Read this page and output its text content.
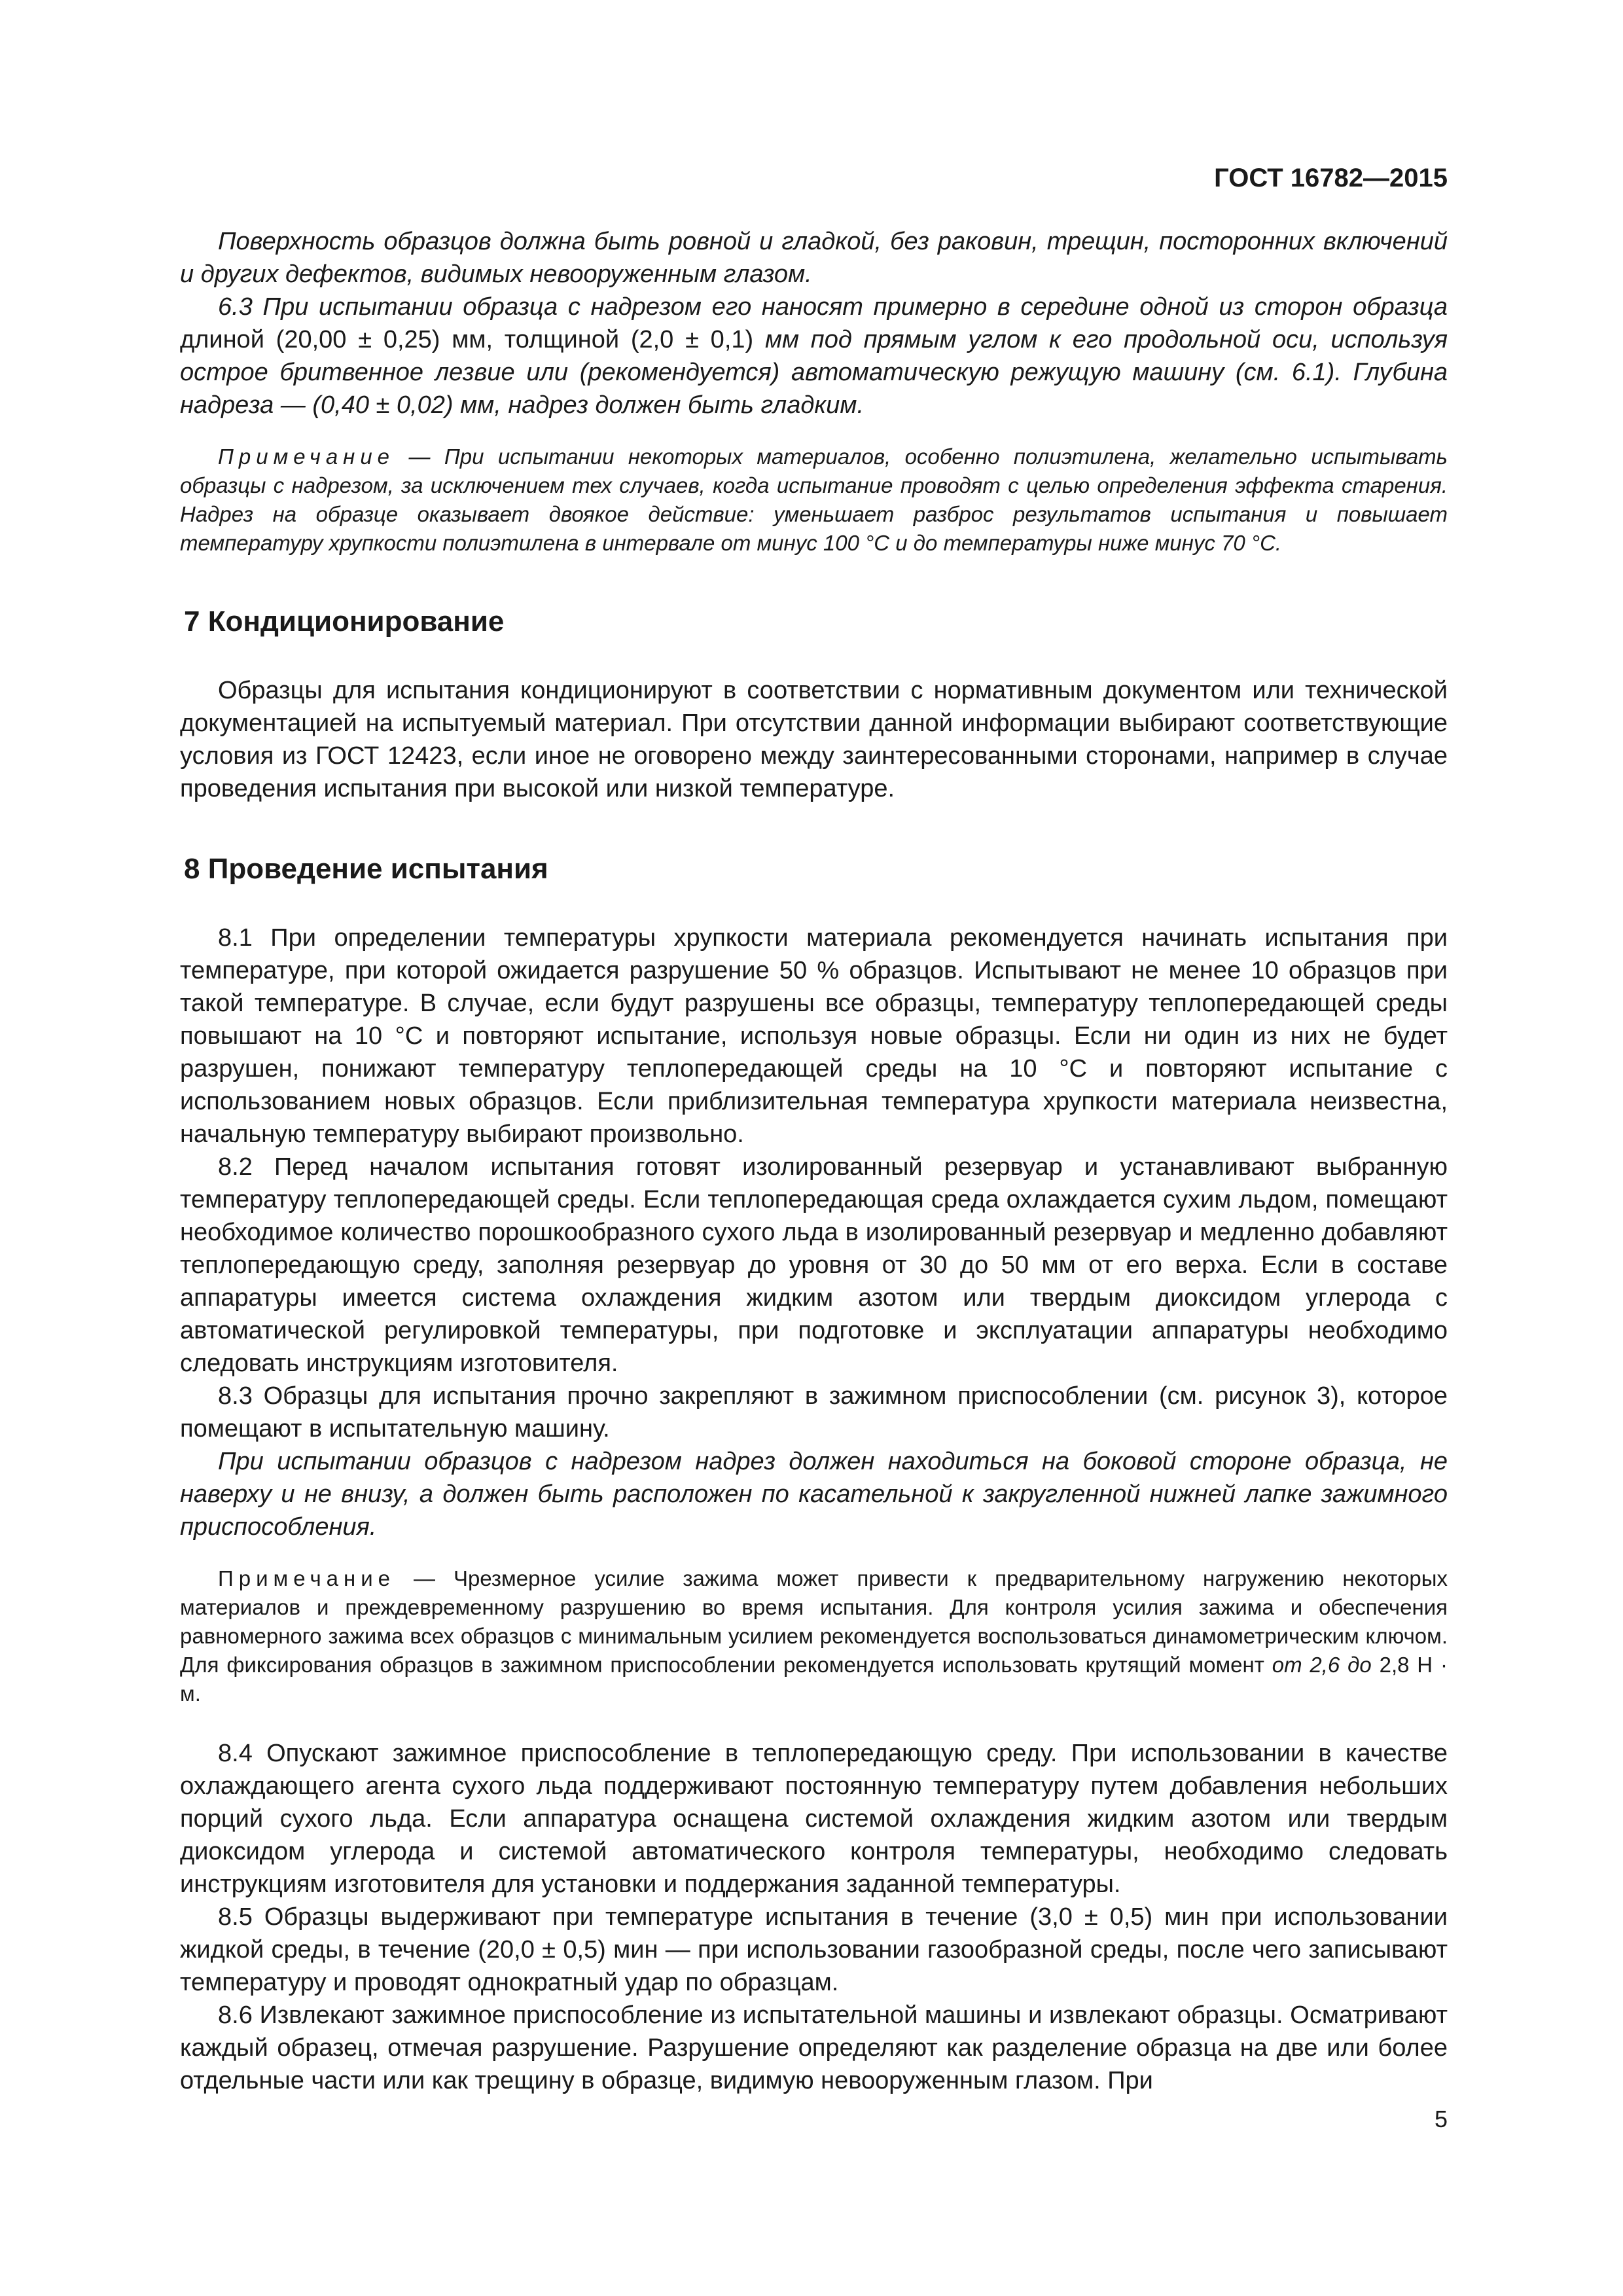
ГОСТ 16782—2015

Поверхность образцов должна быть ровной и гладкой, без раковин, трещин, посторонних включений и других дефектов, видимых невооруженным глазом.

6.3 При испытании образца с надрезом его наносят примерно в середине одной из сторон образца длиной (20,00 ± 0,25) мм, толщиной (2,0 ± 0,1) мм под прямым углом к его продольной оси, используя острое бритвенное лезвие или (рекомендуется) автоматическую режущую машину (см. 6.1). Глубина надреза — (0,40 ± 0,02) мм, надрез должен быть гладким.

Примечание — При испытании некоторых материалов, особенно полиэтилена, желательно испытывать образцы с надрезом, за исключением тех случаев, когда испытание проводят с целью определения эффекта старения. Надрез на образце оказывает двоякое действие: уменьшает разброс результатов испытания и повышает температуру хрупкости полиэтилена в интервале от минус 100 °С и до температуры ниже минус 70 °С.

7 Кондиционирование

Образцы для испытания кондиционируют в соответствии с нормативным документом или технической документацией на испытуемый материал. При отсутствии данной информации выбирают соответствующие условия из ГОСТ 12423, если иное не оговорено между заинтересованными сторонами, например в случае проведения испытания при высокой или низкой температуре.

8 Проведение испытания

8.1 При определении температуры хрупкости материала рекомендуется начинать испытания при температуре, при которой ожидается разрушение 50 % образцов. Испытывают не менее 10 образцов при такой температуре. В случае, если будут разрушены все образцы, температуру теплопередающей среды повышают на 10 °С и повторяют испытание, используя новые образцы. Если ни один из них не будет разрушен, понижают температуру теплопередающей среды на 10 °С и повторяют испытание с использованием новых образцов. Если приблизительная температура хрупкости материала неизвестна, начальную температуру выбирают произвольно.

8.2 Перед началом испытания готовят изолированный резервуар и устанавливают выбранную температуру теплопередающей среды. Если теплопередающая среда охлаждается сухим льдом, помещают необходимое количество порошкообразного сухого льда в изолированный резервуар и медленно добавляют теплопередающую среду, заполняя резервуар до уровня от 30 до 50 мм от его верха. Если в составе аппаратуры имеется система охлаждения жидким азотом или твердым диоксидом углерода с автоматической регулировкой температуры, при подготовке и эксплуатации аппаратуры необходимо следовать инструкциям изготовителя.

8.3 Образцы для испытания прочно закрепляют в зажимном приспособлении (см. рисунок 3), которое помещают в испытательную машину.

При испытании образцов с надрезом надрез должен находиться на боковой стороне образца, не наверху и не внизу, а должен быть расположен по касательной к закругленной нижней лапке зажимного приспособления.

Примечание — Чрезмерное усилие зажима может привести к предварительному нагружению некоторых материалов и преждевременному разрушению во время испытания. Для контроля усилия зажима и обеспечения равномерного зажима всех образцов с минимальным усилием рекомендуется воспользоваться динамометрическим ключом. Для фиксирования образцов в зажимном приспособлении рекомендуется использовать крутящий момент от 2,6 до 2,8 Н · м.

8.4 Опускают зажимное приспособление в теплопередающую среду. При использовании в качестве охлаждающего агента сухого льда поддерживают постоянную температуру путем добавления небольших порций сухого льда. Если аппаратура оснащена системой охлаждения жидким азотом или твердым диоксидом углерода и системой автоматического контроля температуры, необходимо следовать инструкциям изготовителя для установки и поддержания заданной температуры.

8.5 Образцы выдерживают при температуре испытания в течение (3,0 ± 0,5) мин при использовании жидкой среды, в течение (20,0 ± 0,5) мин — при использовании газообразной среды, после чего записывают температуру и проводят однократный удар по образцам.

8.6 Извлекают зажимное приспособление из испытательной машины и извлекают образцы. Осматривают каждый образец, отмечая разрушение. Разрушение определяют как разделение образца на две или более отдельные части или как трещину в образце, видимую невооруженным глазом. При

5
